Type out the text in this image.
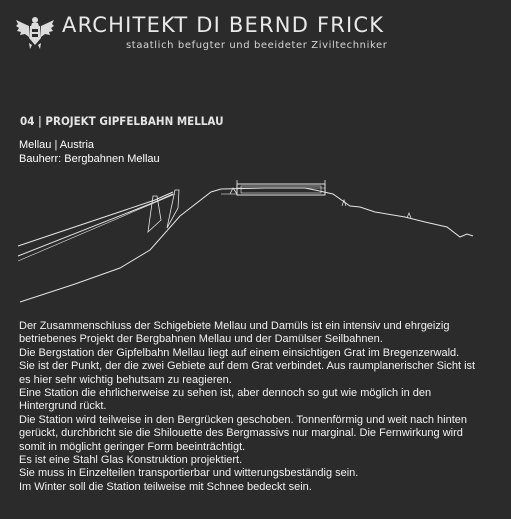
ARCHITEKT DI BERND FRICK
staatlich befugter und beeideter Ziviltechniker
04 | PROJEKT GIPFELBAHN MELLAU
Mellau | Austria
Bauherr: Bergbahnen Mellau

Der Zusammenschluss der Schigebiete Mellau und Damüls ist ein intensiv und ehrgeizig

betriebenes Projekt der Bergbahnen Mellau und der Damülser Seilbahnen.

Die Bergstation der Gipfelbahn Mellau liegt auf einem einsichtigen Grat im Bregenzerwald.

Sie ist der Punkt, der die zwei Gebiete auf dem Grat verbindet. Aus raumplanerischer Sicht ist

es hier sehr wichtig behutsam zu reagieren.

Eine Station die ehrlicherweise zu sehen ist, aber dennoch so gut wie möglich in den

Hintergrund rückt.

Die Station wird teilweise in den Bergrücken geschoben. Tonnenförmig und weit nach hinten

gerückt, durchbricht sie die Shilouette des Bergmassivs nur marginal. Die Fernwirkung wird

somit in möglicht geringer Form beeinträchtigt.

Es ist eine Stahl Glas Konstruktion projektiert.

Sie muss in Einzelteilen transportierbar und witterungsbeständig sein.

Im Winter soll die Station teilweise mit Schnee bedeckt sein.
